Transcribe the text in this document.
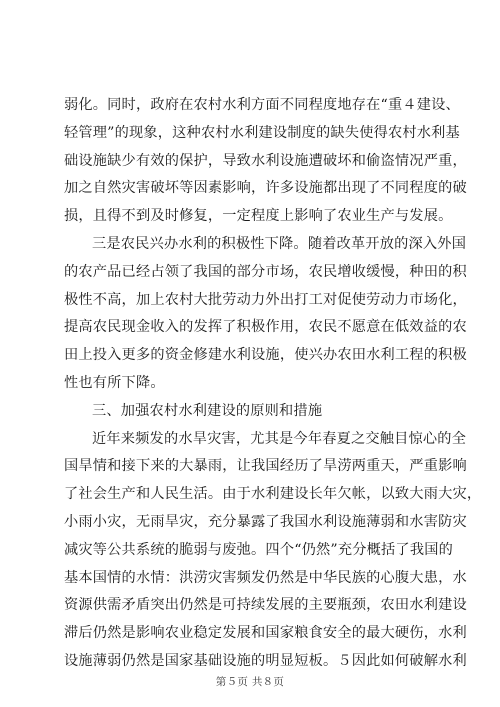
弱化。同时，政府在农村水利方面不同程度地存在“重４建设、
轻管理”的现象，这种农村水利建设制度的缺失使得农村水利基
础设施缺少有效的保护，导致水利设施遭破坏和偷盗情况严重，
加之自然灾害破坏等因素影响，许多设施都出现了不同程度的破
损，且得不到及时修复，一定程度上影响了农业生产与发展。
三是农民兴办水利的积极性下降。随着改革开放的深入外国
的农产品已经占领了我国的部分市场，农民增收缓慢，种田的积
极性不高，加上农村大批劳动力外出打工对促使劳动力市场化，
提高农民现金收入的发挥了积极作用，农民不愿意在低效益的农
田上投入更多的资金修建水利设施，使兴办农田水利工程的积极
性也有所下降。
三、加强农村水利建设的原则和措施
近年来频发的水旱灾害，尤其是今年春夏之交触目惊心的全
国旱情和接下来的大暴雨，让我国经历了旱涝两重天，严重影响
了社会生产和人民生活。由于水利建设长年欠帐，以致大雨大灾，
小雨小灾，无雨旱灾，充分暴露了我国水利设施薄弱和水害防灾
减灾等公共系统的脆弱与废弛。四个“仍然”充分概括了我国的
基本国情的水情：洪涝灾害频发仍然是中华民族的心腹大患，水
资源供需矛盾突出仍然是可持续发展的主要瓶颈，农田水利建设
滞后仍然是影响农业稳定发展和国家粮食安全的最大硬伤，水利
设施薄弱仍然是国家基础设施的明显短板。５因此如何破解水利
第５页 共８页
